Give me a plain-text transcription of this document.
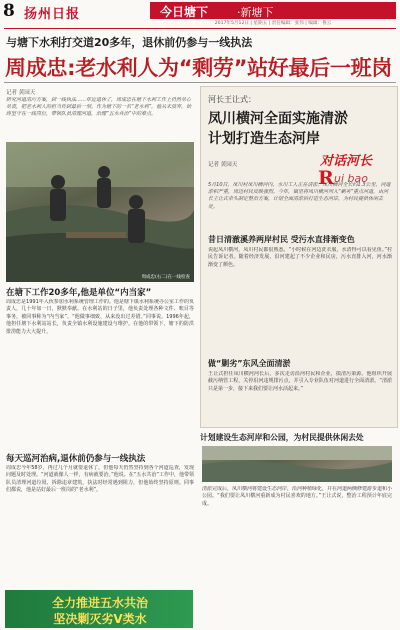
8 扬州日报	今日塘下	·新塘下
2017年5月12日 | 星期五 | 责任编辑：张伟 | 编辑：鲁云
与塘下水利打交道20多年，退休前仍参与一线执法
周成忠:老水利人为“剩劳”站好最后一班岗
记者 黄园天
研究河道清污方案，到一线执法……年近退休了，周成忠在塘下水利工作上仍然尽心尽责，把老水利人的担当传到最后一刻。作为塘下的一名“老水利”，他从未放弃，始终坚守在一线岗位，带领队员清理河道，治理“五水共治”中的难点。
周成忠(右二)在一线检查
在塘下工作20多年,他是单位“内当家”
周成忠是1991年入伙参加水利系统管理工作的。他是塘下镇水利系统办公室工作的负责人，几十年如一日，默默奉献。在水利站的日子里，他负责处理各种文件、账目等事务，被同事称为“内当家”。“他做事细致，从来没出过差错。”同事说。1996年起，他担任塘下水利站站长，负责全镇水利设施建设与维护。在他的带领下，塘下的防洪排涝能力大大提升。
每天巡河治病,退休前仍参与一线执法
周成忠今年58岁，再过几个月就要退休了。但他每天仍然坚持到各个河道巡查，发现问题及时处理。“河道就像人一样，有病就要治。”他说。在“五水共治”工作中，他带领队员清理河道垃圾、拆除违章建筑，执法时经常遇到阻力，但他始终坚持原则。同事们都说，他是站好最后一班岗的“老水利”。
全力推进五水共治
坚决剿灭劣V类水
河长王让式：
凤川横河全面实施清淤
计划打造生态河岸
记者 黄园天	对话河长
R ui bao
5月10日，凤川村凤川横河内，水川工人正在清淤。凤川横河全长约1.3公里，河道淤积严重，周边村民反映强烈。今年，镇里将凤川横河列入“剿劣”重点河道，由河长王让式牵头制定整治方案，计划全面清淤后打造生态河岸，为村民提供休闲去处。
昔日清澈溪养两岸村民 受污水直排渐变色
说起凤川横河，凤川村民都很熟悉。“小时候在河边洗衣服，水清得可以看见鱼。”村民告诉记者。随着经济发展，沿河建起了不少企业和民房，污水直排入河，河水渐渐变了颜色。
做“剿劣”东风全面清淤
王让式担任凤川横河河长后，多次走访沿河村民和企业，摸清污染源。他组织开展截污纳管工程，关停沿河违规排污点，并引入专业队伍对河道进行全面清淤。“清淤只是第一步，接下来我们要让河水活起来。”
计划建设生态河岸和公园，为村民提供休闲去处
清淤完成后，凤川横河将建设生态河岸，沿河种植绿化，并在河道两侧修建游步道和小公园。“我们要让凤川横河重新成为村民喜欢的地方。”王让式说，整治工程预计年底完成。
